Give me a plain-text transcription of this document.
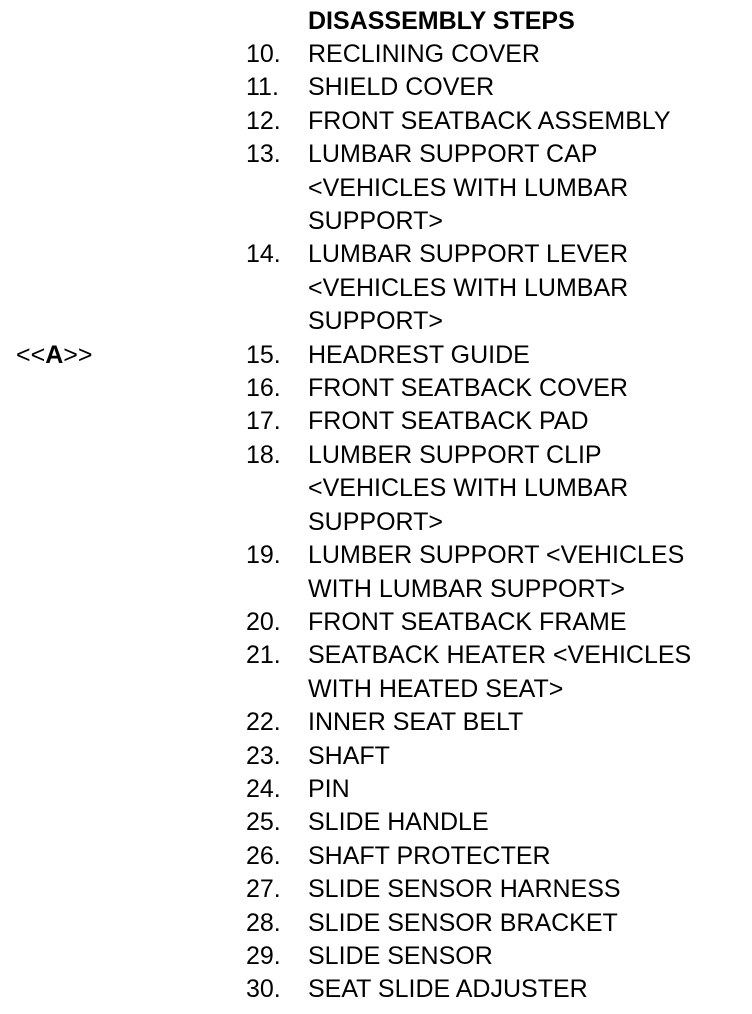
DISASSEMBLY STEPS
<<A>>
10.	RECLINING COVER
11.	SHIELD COVER
12.	FRONT SEATBACK ASSEMBLY
13.	LUMBAR SUPPORT CAP
<VEHICLES WITH LUMBAR
SUPPORT>
14.	LUMBAR SUPPORT LEVER
<VEHICLES WITH LUMBAR
SUPPORT>
15.	HEADREST GUIDE
16.	FRONT SEATBACK COVER
17.	FRONT SEATBACK PAD
18.	LUMBER SUPPORT CLIP
<VEHICLES WITH LUMBAR
SUPPORT>
19.	LUMBER SUPPORT <VEHICLES
WITH LUMBAR SUPPORT>
20.	FRONT SEATBACK FRAME
21.	SEATBACK HEATER <VEHICLES
WITH HEATED SEAT>
22.	INNER SEAT BELT
23.	SHAFT
24.	PIN
25.	SLIDE HANDLE
26.	SHAFT PROTECTER
27.	SLIDE SENSOR HARNESS
28.	SLIDE SENSOR BRACKET
29.	SLIDE SENSOR
30.	SEAT SLIDE ADJUSTER
